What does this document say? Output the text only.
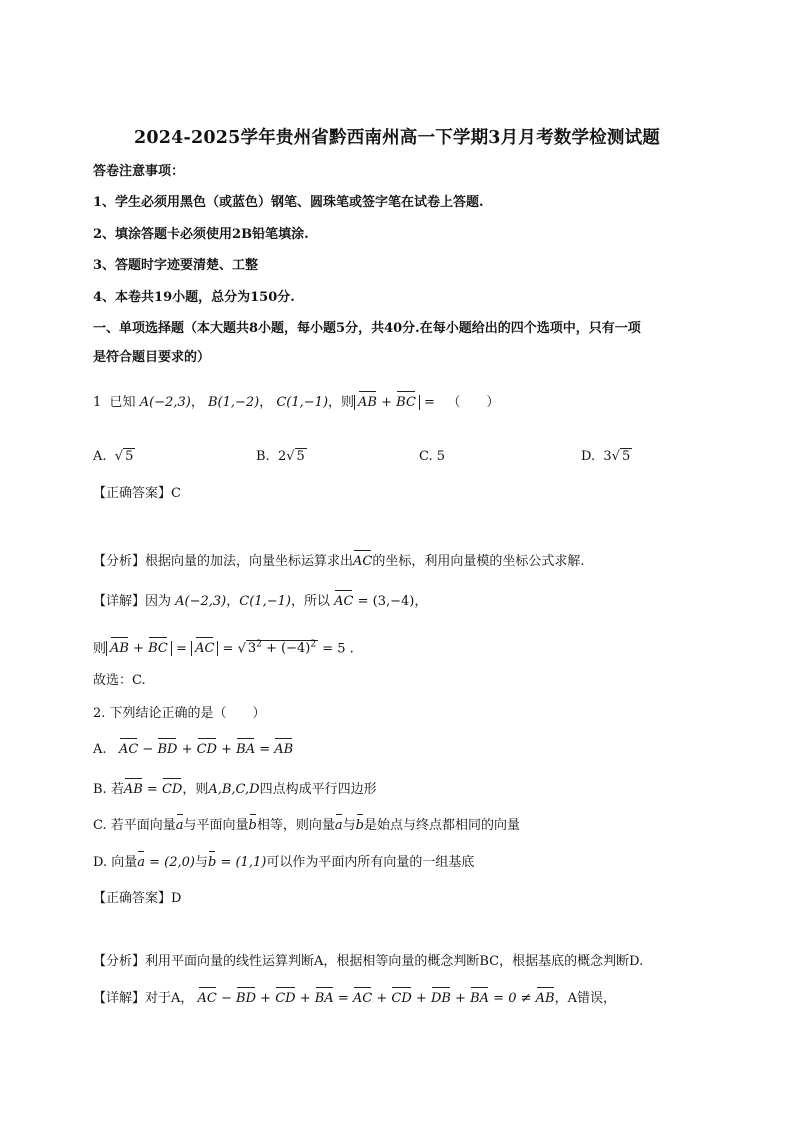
2024-2025学年贵州省黔西南州高一下学期3月月考数学检测试题
答卷注意事项：
1、学生必须用黑色（或蓝色）钢笔、圆珠笔或签字笔在试卷上答题.
2、填涂答题卡必须使用2B铅笔填涂.
3、答题时字迹要清楚、工整
4、本卷共19小题，总分为150分.
一、单项选择题（本大题共8小题，每小题5分，共40分.在每小题给出的四个选项中，只有一项
是符合题目要求的）
1 已知 A(−2,3)， B(1,−2)， C(1,−1)，则 AB + BC =   （　　）
A. √ 5	B.  2√ 5	C. 5	D.  3√ 5
【正确答案】C
【分析】根据向量的加法，向量坐标运算求出AC的坐标，利用向量模的坐标公式求解.
【详解】因为 A(−2,3)，C(1,−1)，所以 AC = (3,−4)，
则 AB + BC = AC = √ $3^2 + (-4)^2 = 5$ .
故选：C.
2. 下列结论正确的是（　　）
A. AC − BD + CD + BA = AB
B. 若AB = CD，则A,B,C,D四点构成平行四边形
C. 若平面向量a与平面向量b相等，则向量a与b是始点与终点都相同的向量
D. 向量a = (2,0)与b = (1,1)可以作为平面内所有向量的一组基底
【正确答案】D
【分析】利用平面向量的线性运算判断A，根据相等向量的概念判断BC，根据基底的概念判断D.
【详解】对于A， AC − BD + CD + BA = AC + CD + DB + BA = 0 ≠ AB，A错误，
